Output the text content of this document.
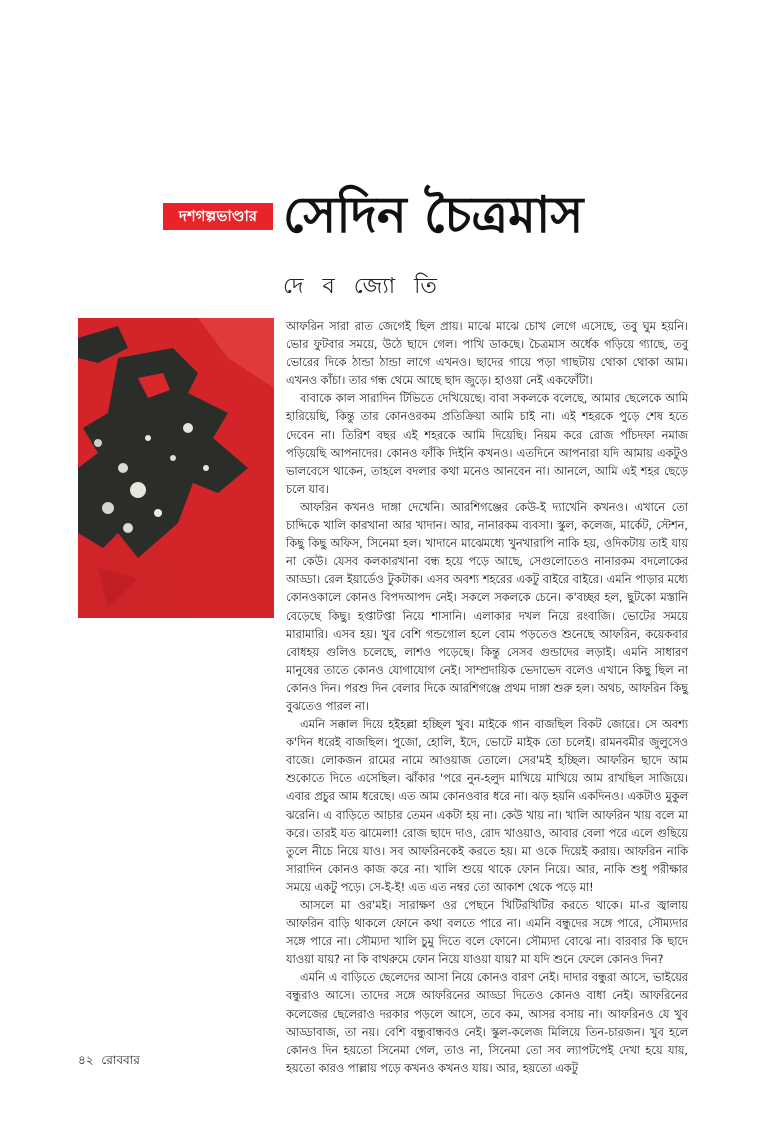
দশগল্পভাণ্ডার সেদিন চৈত্রমাস
দে ব জ্যো তি

আফরিন সারা রাত জেগেই ছিল প্রায়। মাঝে মাঝে চোখ লেগে এসেছে, তবু ঘুম হয়নি। ভোর ফুটবার সময়ে, উঠে ছাদে গেল। পাখি ডাকছে। চৈত্রমাস অর্ধেক গড়িয়ে গ্যাছে, তবু ভোরের দিকে ঠান্ডা ঠান্ডা লাগে এখনও। ছাদের গায়ে পড়া গাছটায় থোকা থোকা আম। এখনও কাঁচা। তার গন্ধ থেমে আছে ছাদ জুড়ে। হাওয়া নেই একফোঁটা।

বাবাকে কাল সারাদিন টিভিতে দেখিয়েছে। বাবা সকলকে বলেছে, আমার ছেলেকে আমি হারিয়েছি, কিন্তু তার কোনওরকম প্রতিক্রিয়া আমি চাই না। এই শহরকে পুড়ে শেষ হতে দেবেন না। তিরিশ বছর এই শহরকে আমি দিয়েছি। নিয়ম করে রোজ পাঁচদফা নমাজ পড়িয়েছি আপনাদের। কোনও ফাঁকি দিইনি কখনও। এতদিনে আপনারা যদি আমায় একটুও ভালবেসে থাকেন, তাহলে বদলার কথা মনেও আনবেন না। আনলে, আমি এই শহর ছেড়ে চলে যাব।

আফরিন কখনও দাঙ্গা দেখেনি। আরশিগঞ্জের কেউ-ই দ্যাখেনি কখনও। এখানে তো চাদ্দিকে খালি কারখানা আর খাদান। আর, নানারকম ব্যবসা। স্কুল, কলেজ, মার্কেট, স্টেশন, কিছু কিছু অফিস, সিনেমা হল। খাদানে মাঝেমধ্যে খুনখারাপি নাকি হয়, ওদিকটায় তাই যায় না কেউ। যেসব কলকারখানা বন্ধ হয়ে পড়ে আছে, সেগুলোতেও নানারকম বদলোকের আড্ডা। রেল ইয়ার্ডেও টুকটাক। এসব অবশ্য শহরের একটু বাইরে বাইরে। এমনি পাড়ার মধ্যে কোনওকালে কোনও বিপদআপদ নেই। সকলে সকলকে চেনে। ক'বচ্ছর হল, ছুটকো মস্তানি বেড়েছে কিছু। হপ্তাটপ্তা নিয়ে শাসানি। এলাকার দখল নিয়ে রংবাজি। ভোটের সময়ে মারামারি। এসব হয়। খুব বেশি গন্ডগোল হলে বোম পড়তেও শুনেছে আফরিন, কয়েকবার বোধহয় গুলিও চলেছে, লাশও পড়েছে। কিন্তু সেসব গুন্ডাদের লড়াই। এমনি সাধারণ মানুষের তাতে কোনও যোগাযোগ নেই। সাম্প্রদায়িক ভেদাভেদ বলেও এখানে কিছু ছিল না কোনও দিন। পরশু দিন বেলার দিকে আরশিগঞ্জে প্রথম দাঙ্গা শুরু হল। অথচ, আফরিন কিছু বুঝতেও পারল না।

এমনি সক্কাল দিয়ে হইহল্লা হচ্ছিল খুব। মাইকে গান বাজছিল বিকট জোরে। সে অবশ্য ক'দিন ধরেই বাজছিল। পুজো, হোলি, ইদে, ভোটে মাইক তো চলেই। রামনবমীর জুলুসেও বাজে। লোকজন রামের নামে আওয়াজ তোলে। সের'মই হচ্ছিল। আফরিন ছাদে আম শুকোতে দিতে এসেছিল। ঝাঁকার 'পরে নুন-হলুদ মাখিয়ে মাখিয়ে আম রাখছিল সাজিয়ে। এবার প্রচুর আম ধরেছে। এত আম কোনওবার ধরে না। ঝড় হয়নি একদিনও। একটাও মুকুল ঝরেনি। এ বাড়িতে আচার তেমন একটা হয় না। কেউ খায় না। খালি আফরিন খায় বলে মা করে। তারই যত ঝামেলা! রোজ ছাদে দাও, রোদ খাওয়াও, আবার বেলা পরে এলে গুছিয়ে তুলে নীচে নিয়ে যাও। সব আফরিনকেই করতে হয়। মা ওকে দিয়েই করায়। আফরিন নাকি সারাদিন কোনও কাজ করে না। খালি শুয়ে থাকে ফোন নিয়ে। আর, নাকি শুধু পরীক্ষার সময়ে একটু পড়ে। সে-ই-ই! এত এত নম্বর তো আকাশ থেকে পড়ে মা!

আসলে মা ওর'মই। সারাক্ষণ ওর পেছনে খিটিরখিটির করতে থাকে। মা-র জ্বালায় আফরিন বাড়ি থাকলে ফোনে কথা বলতে পারে না। এমনি বন্ধুদের সঙ্গে পারে, সৌম্যদার সঙ্গে পারে না। সৌম্যদা খালি চুমু দিতে বলে ফোনে। সৌম্যদা বোঝে না। বারবার কি ছাদে যাওয়া যায়? না কি বাথরুমে ফোন নিয়ে যাওয়া যায়? মা যদি শুনে ফেলে কোনও দিন?

এমনি এ বাড়িতে ছেলেদের আসা নিয়ে কোনও বারণ নেই। দাদার বন্ধুরা আসে, ভাইয়ের বন্ধুরাও আসে। তাদের সঙ্গে আফরিনের আড্ডা দিতেও কোনও বাধা নেই। আফরিনের কলেজের ছেলেরাও দরকার পড়লে আসে, তবে কম, আসর বসায় না। আফরিনও যে খুব আড্ডাবাজ, তা নয়। বেশি বন্ধুবান্ধবও নেই। স্কুল-কলেজ মিলিয়ে তিন-চারজন। খুব হলে কোনও দিন হয়তো সিনেমা গেল, তাও না, সিনেমা তো সব ল্যাপটপেই দেখা হয়ে যায়, হয়তো কারও পাল্লায় পড়ে কখনও কখনও যায়। আর, হয়তো একটু

৪২ রোববার
